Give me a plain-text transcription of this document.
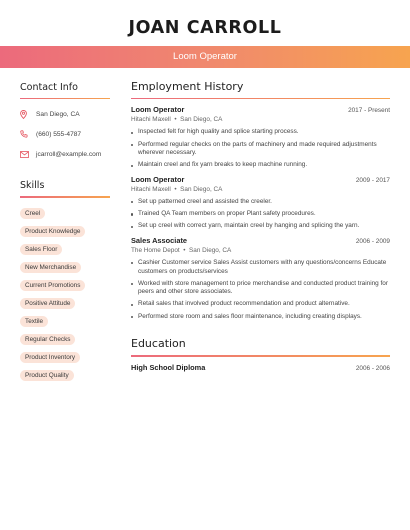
JOAN CARROLL
Loom Operator
Contact Info
San Diego, CA
(660) 555-4787
jcarroll@example.com
Skills
Creel
Product Knowledge
Sales Floor
New Merchandise
Current Promotions
Positive Attitude
Textile
Regular Checks
Product Inventory
Product Quality
Employment History
Loom Operator	2017 - Present
Hitachi Maxell  •  San Diego, CA
Inspected felt for high quality and splice starting process.
Performed regular checks on the parts of machinery and made required adjustments wherever necessary.
Maintain creel and fix yarn breaks to keep machine running.
Loom Operator	2009 - 2017
Hitachi Maxell  •  San Diego, CA
Set up patterned creel and assisted the creeler.
Trained QA Team members on proper Plant safety procedures.
Set up creel with correct yarn, maintain creel by hanging and splicing the yarn.
Sales Associate	2006 - 2009
The Home Depot  •  San Diego, CA
Cashier Customer service Sales Assist customers with any questions/concerns Educate customers on products/services
Worked with store management to price merchandise and conducted product training for peers and other store associates.
Retail sales that involved product recommendation and product alternative.
Performed store room and sales floor maintenance, including creating displays.
Education
High School Diploma	2006 - 2006
